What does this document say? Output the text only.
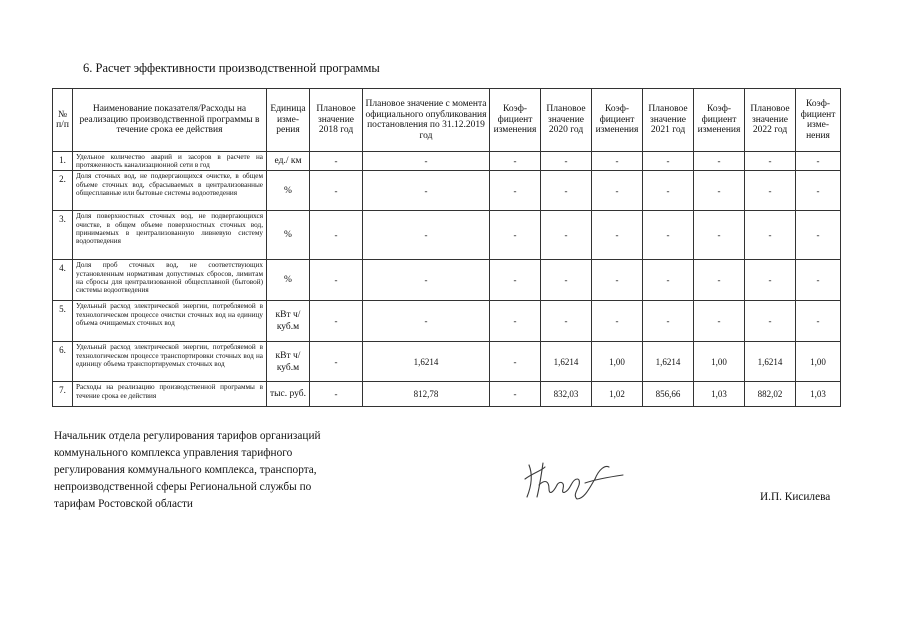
6. Расчет эффективности производственной программы
№ п/п	Наименование показателя/Расходы на реализацию производственной программы в течение срока ее действия	Единица измерения	Плановое значение 2018 год	Плановое значение с момента официального опубликования постановления по 31.12.2019 год	Коэффициент изменения	Плановое значение 2020 год	Коэффициент изменения	Плановое значение 2021 год	Коэффициент изменения	Плановое значение 2022 год	Коэффициент изменения
1.	Удельное количество аварий и засоров в расчете на протяженность канализационной сети в год	ед./ км	-	-	-	-	-	-	-	-	-
2.	Доля сточных вод, не подвергающихся очистке, в общем объеме сточных вод, сбрасываемых в централизованные общесплавные или бытовые системы водоотведения	%	-	-	-	-	-	-	-	-	-
3.	Доля поверхностных сточных вод, не подвергающихся очистке, в общем объеме поверхностных сточных вод, принимаемых в централизованную ливневую систему водоотведения	%	-	-	-	-	-	-	-	-	-
4.	Доля проб сточных вод, не соответствующих установленным нормативам допустимых сбросов, лимитам на сбросы для централизованной общесплавной (бытовой) системы водоотведения	%	-	-	-	-	-	-	-	-	-
5.	Удельный расход электрической энергии, потребляемой в технологическом процессе очистки сточных вод на единицу объема очищаемых сточных вод	кВт ч/куб.м	-	-	-	-	-	-	-	-	-
6.	Удельный расход электрической энергии, потребляемой в технологическом процессе транспортировки сточных вод на единицу объема транспортируемых сточных вод	кВт ч/куб.м	-	1,6214	-	1,6214	1,00	1,6214	1,00	1,6214	1,00
7.	Расходы на реализацию производственной программы в течение срока ее действия	тыс. руб.	-	812,78	-	832,03	1,02	856,66	1,03	882,02	1,03
Начальник отдела регулирования тарифов организаций
коммунального комплекса управления тарифного
регулирования коммунального комплекса, транспорта,
непроизводственной сферы Региональной службы по
тарифам Ростовской области
И.П. Кисилева
